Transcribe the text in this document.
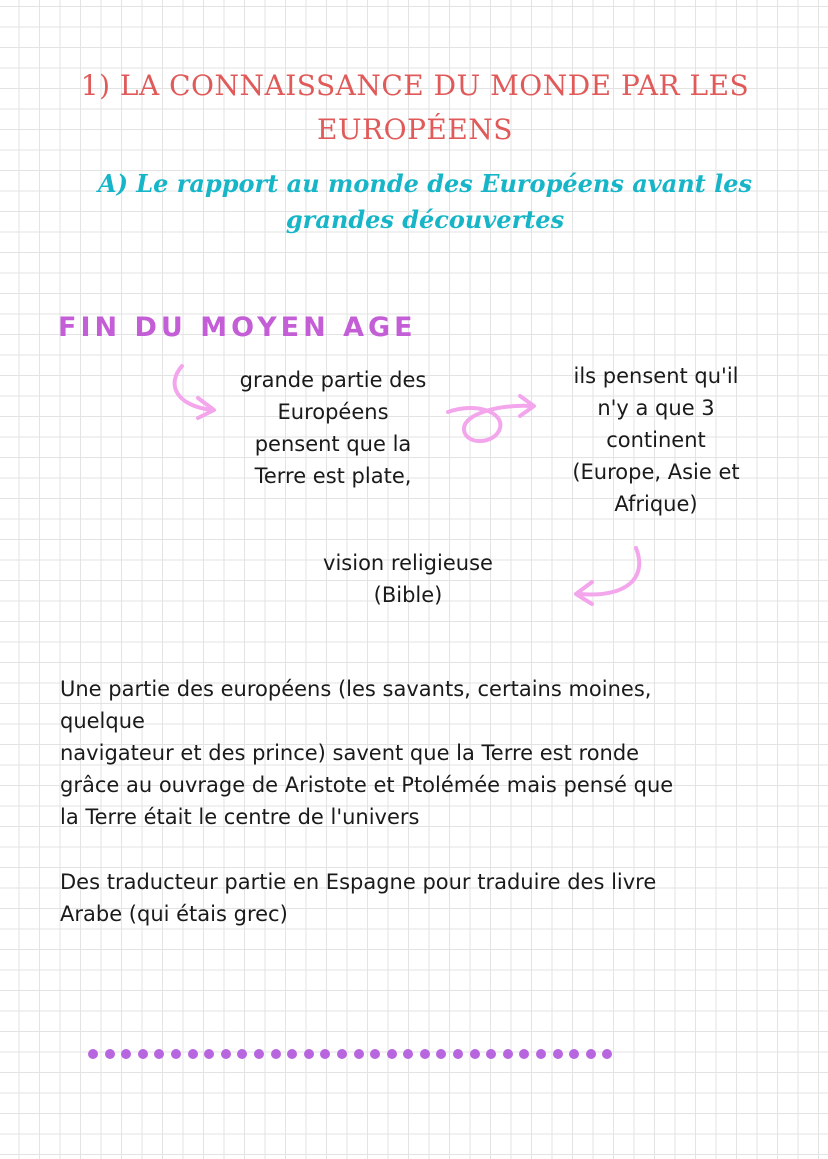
1) LA CONNAISSANCE DU MONDE PAR LES EUROPÉENS
A) Le rapport au monde des Européens avant les grandes découvertes
FIN DU MOYEN AGE
grande partie des
Européens
pensent que la
Terre est plate,
ils pensent qu'il
n'y a que 3
continent
(Europe, Asie et
Afrique)
vision religieuse
(Bible)
Une partie des européens (les savants, certains moines,
quelque
navigateur et des prince) savent que la Terre est ronde
grâce au ouvrage de Aristote et Ptolémée mais pensé que
la Terre était le centre de l'univers
Des traducteur partie en Espagne pour traduire des livre
Arabe (qui étais grec)
